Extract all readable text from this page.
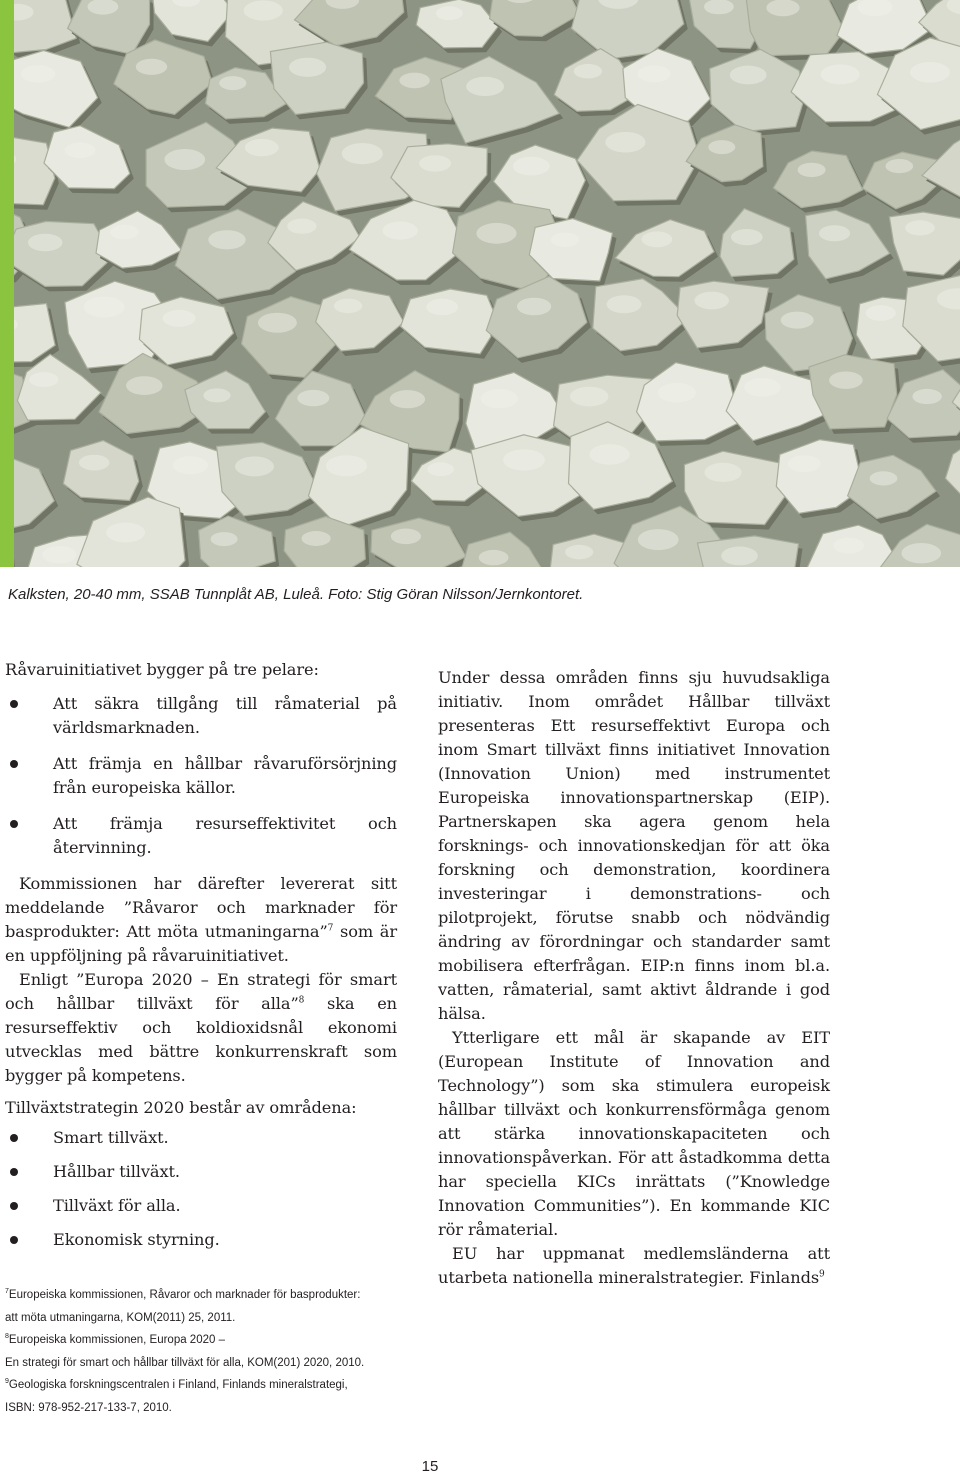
Kalksten, 20-40 mm, SSAB Tunnplåt AB, Luleå. Foto: Stig Göran Nilsson/Jernkontoret.

Råvaruinitiativet bygger på tre pelare:

Att säkra tillgång till råmaterial på världsmarknaden.
Att främja en hållbar råvaruförsörjning från europeiska källor.
Att främja resurseffektivitet och återvinning.

Kommissionen har därefter levererat sitt meddelande ”Råvaror och marknader för basprodukter: Att möta utmaningarna”$^7$ som är en uppföljning på råvaruinitiativet.

Enligt ”Europa 2020 – En strategi för smart och hållbar tillväxt för alla”$^8$ ska en resurseffektiv och koldioxidsnål ekonomi utvecklas med bättre konkurrenskraft som bygger på kompetens.

Tillväxtstrategin 2020 består av områdena:

Smart tillväxt.
Hållbar tillväxt.
Tillväxt för alla.
Ekonomisk styrning.

Under dessa områden finns sju huvudsakliga initiativ. Inom området Hållbar tillväxt presenteras Ett resurseffektivt Europa och inom Smart tillväxt finns initiativet Innovation (Innovation Union) med instrumentet Europeiska innovationspartnerskap (EIP). Partnerskapen ska agera genom hela forsknings- och innovationskedjan för att öka forskning och demonstration, koordinera investeringar i demonstrations- och pilotprojekt, förutse snabb och nödvändig ändring av förordningar och standarder samt mobilisera efterfrågan. EIP:n finns inom bl.a. vatten, råmaterial, samt aktivt åldrande i god hälsa.

Ytterligare ett mål är skapande av EIT (European Institute of Innovation and Technology”) som ska stimulera europeisk hållbar tillväxt och konkurrensförmåga genom att stärka innovationskapaciteten och innovationspåverkan. För att åstadkomma detta har speciella KICs inrättats (”Knowledge Innovation Communities”). En kommande KIC rör råmaterial.

EU har uppmanat medlemsländerna att utarbeta nationella mineralstrategier. Finlands$^9$

$^7$Europeiska kommissionen, Råvaror och marknader för basprodukter:
att möta utmaningarna, KOM(2011) 25, 2011.
$^8$Europeiska kommissionen, Europa 2020 –
En strategi för smart och hållbar tillväxt för alla, KOM(201) 2020, 2010.
$^9$Geologiska forskningscentralen i Finland, Finlands mineralstrategi,
ISBN: 978-952-217-133-7, 2010.
15
